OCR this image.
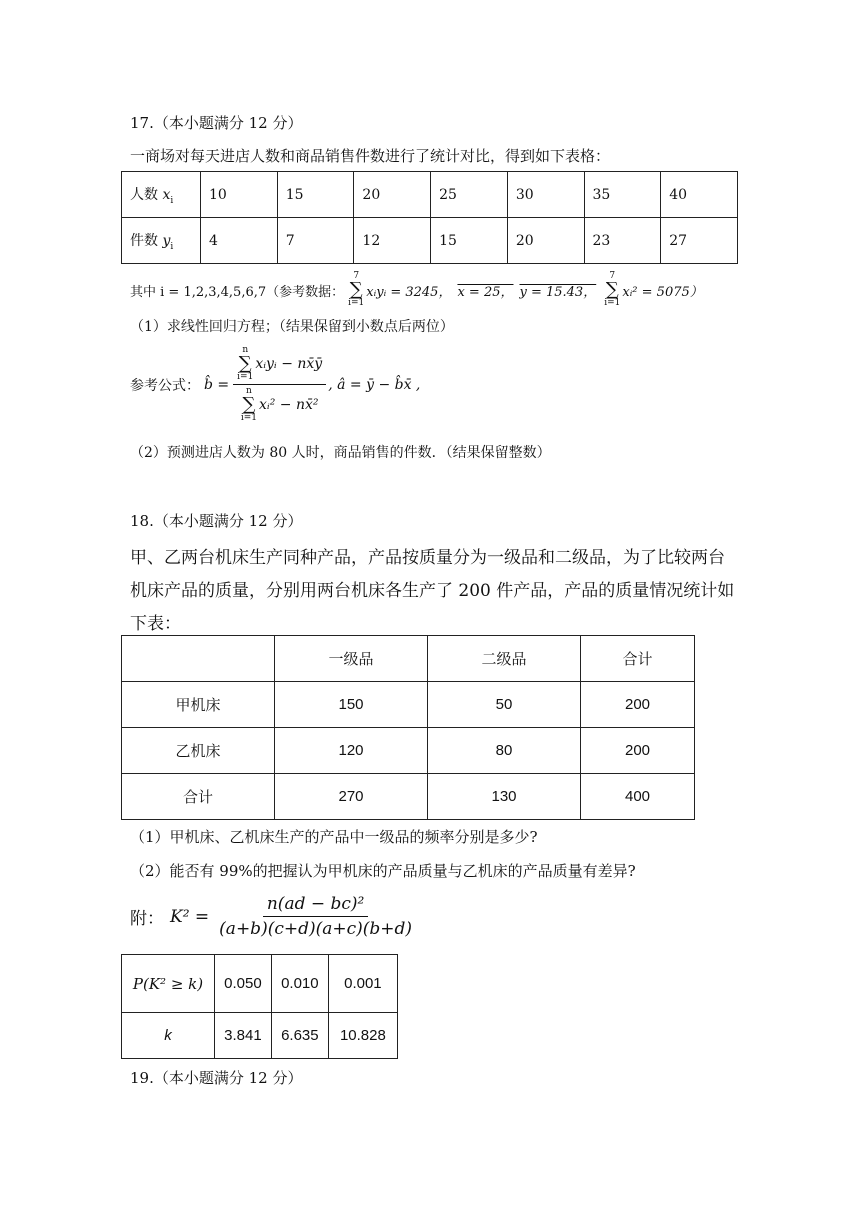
17.（本小题满分 12 分）
一商场对每天进店人数和商品销售件数进行了统计对比，得到如下表格：
人数 $x_i$	10	15	20	25	30	35	40
件数 $y_i$	4	7	12	15	20	23	27
其中 i = 1,2,3,4,5,6,7（参考数据：
7
∑
i=1
xᵢyᵢ = 3245， x = 25， y = 15.43，
7
∑
i=1
xᵢ² = 5075）
（1）求线性回归方程；（结果保留到小数点后两位）
参考公式： b̂ = n
∑
i=1
xᵢyᵢ − nx̄ȳ
n
∑
i=1
xᵢ² − nx̄² , â = ȳ − b̂x̄ ,
（2）预测进店人数为 80 人时，商品销售的件数．（结果保留整数）
18.（本小题满分 12 分）
甲、乙两台机床生产同种产品，产品按质量分为一级品和二级品，为了比较两台
机床产品的质量，分别用两台机床各生产了 200 件产品，产品的质量情况统计如
下表：
	一级品	二级品	合计
甲机床	150	50	200
乙机床	120	80	200
合计	270	130	400
（1）甲机床、乙机床生产的产品中一级品的频率分别是多少?
（2）能否有 99%的把握认为甲机床的产品质量与乙机床的产品质量有差异?
附： $K^2 = \frac{\text{n(ad − bc)²}}{(a+b)(c+d)(a+c)(b+d)}$
P(K² ≥ k)	0.050	0.010	0.001
k	3.841	6.635	10.828
19.（本小题满分 12 分）
